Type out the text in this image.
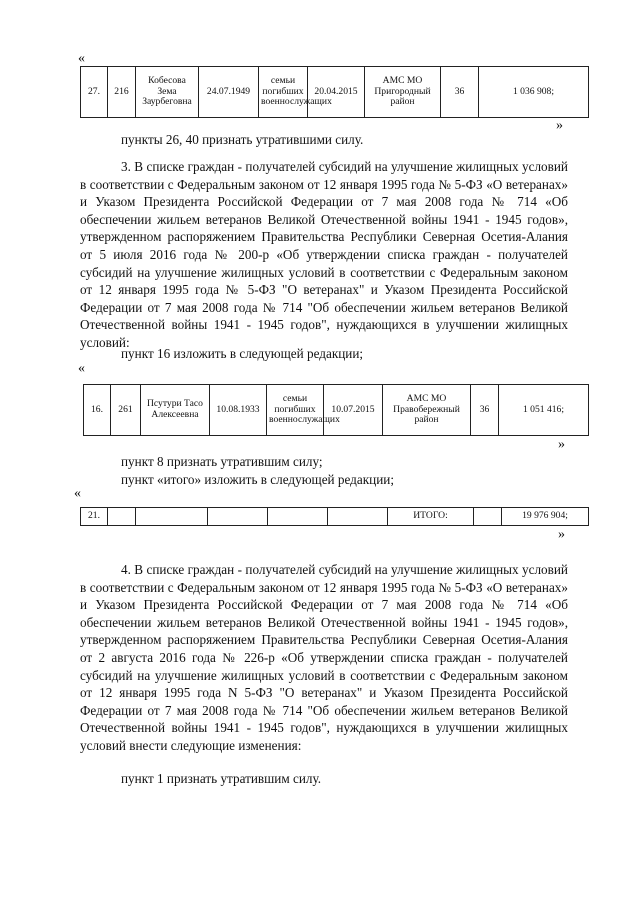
«
27.	216	Кобесова Зема Заурбеговна	24.07.1949	семьи погибших военнослужащих	20.04.2015	АМС МО Пригородный район	36	1 036 908;
»
пункты 26, 40 признать утратившими силу.

3. В списке граждан - получателей субсидий на улучшение жилищных условий в соответствии с Федеральным законом от 12 января 1995 года № 5-ФЗ «О ветеранах» и Указом Президента Российской Федерации от 7 мая 2008 года № 714 «Об обеспечении жильем ветеранов Великой Отечественной войны 1941 - 1945 годов», утвержденном распоряжением Правительства Республики Северная Осетия-Алания от 5 июля 2016 года № 200-р «Об утверждении списка граждан - получателей субсидий на улучшение жилищных условий в соответствии с Федеральным законом от 12 января 1995 года № 5-ФЗ "О ветеранах" и Указом Президента Российской Федерации от 7 мая 2008 года № 714 "Об обеспечении жильем ветеранов Великой Отечественной войны 1941 - 1945 годов", нуждающихся в улучшении жилищных условий:

пункт 16 изложить в следующей редакции;
«
16.	261	Псутури Тасо Алексеевна	10.08.1933	семьи погибших военнослужащих	10.07.2015	АМС МО Правобережный район	36	1 051 416;
»
пункт 8 признать утратившим силу;
пункт «итого» изложить в следующей редакции;
«
21.						ИТОГО:		19 976 904;
»

4. В списке граждан - получателей субсидий на улучшение жилищных условий в соответствии с Федеральным законом от 12 января 1995 года № 5-ФЗ «О ветеранах» и Указом Президента Российской Федерации от 7 мая 2008 года № 714 «Об обеспечении жильем ветеранов Великой Отечественной войны 1941 - 1945 годов», утвержденном распоряжением Правительства Республики Северная Осетия-Алания от 2 августа 2016 года № 226-р «Об утверждении списка граждан - получателей субсидий на улучшение жилищных условий в соответствии с Федеральным законом от 12 января 1995 года N 5-ФЗ "О ветеранах" и Указом Президента Российской Федерации от 7 мая 2008 года № 714 "Об обеспечении жильем ветеранов Великой Отечественной войны 1941 - 1945 годов", нуждающихся в улучшении жилищных условий внести следующие изменения:

пункт 1 признать утратившим силу.
